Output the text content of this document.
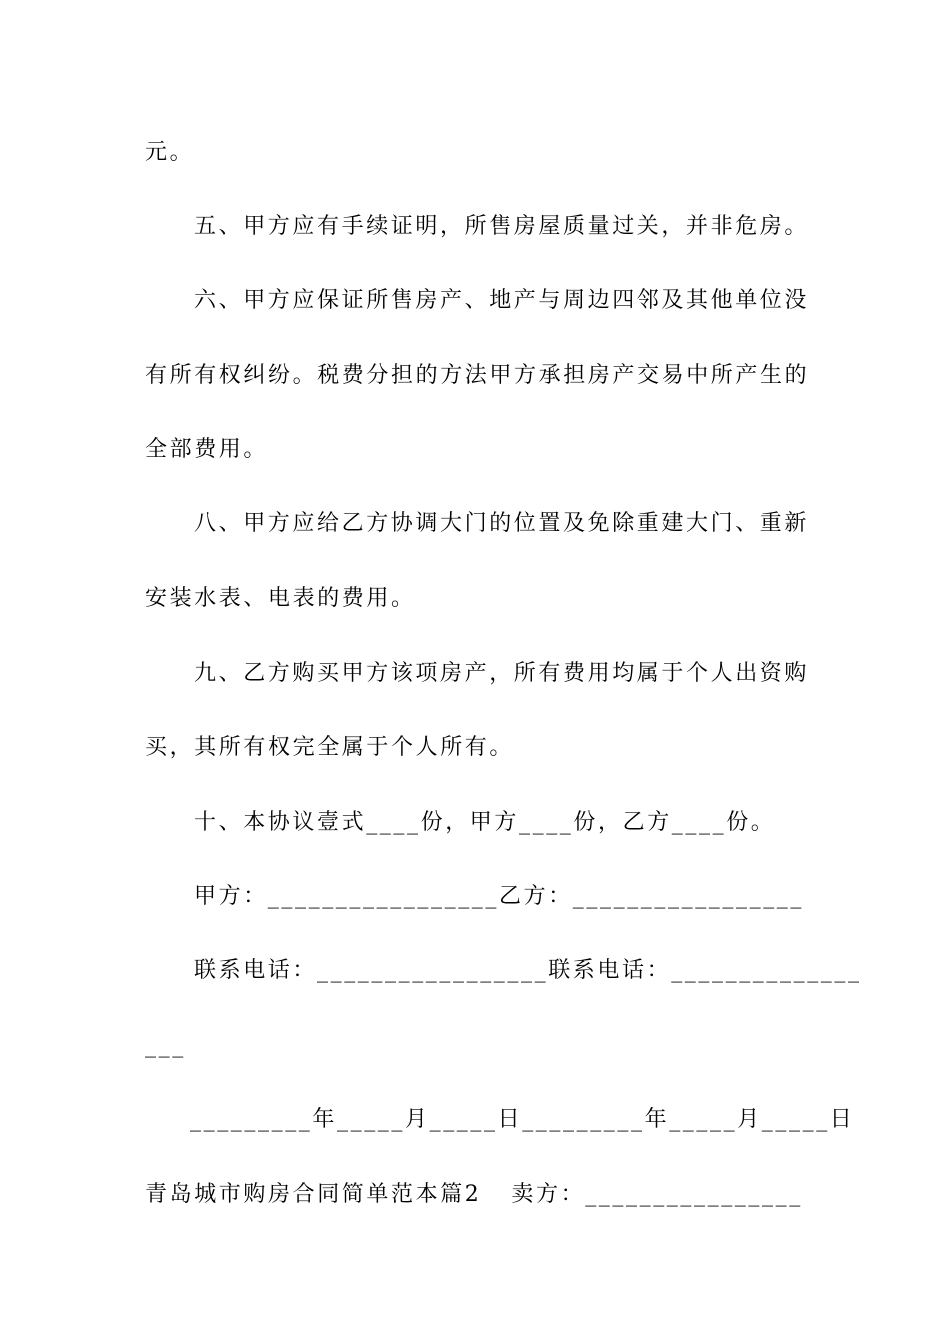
元。
五、甲方应有手续证明，所售房屋质量过关，并非危房。
六、甲方应保证所售房产、地产与周边四邻及其他单位没
有所有权纠纷。税费分担的方法甲方承担房产交易中所产生的
全部费用。
八、甲方应给乙方协调大门的位置及免除重建大门、重新
安装水表、电表的费用。
九、乙方购买甲方该项房产，所有费用均属于个人出资购
买，其所有权完全属于个人所有。
十、本协议壹式____份，甲方____份，乙方____份。
甲方：_________________乙方：_________________
联系电话：_________________联系电话：______________
___
_________年_____月_____日_________年_____月_____日
青岛城市购房合同简单范本篇2 卖方：________________
